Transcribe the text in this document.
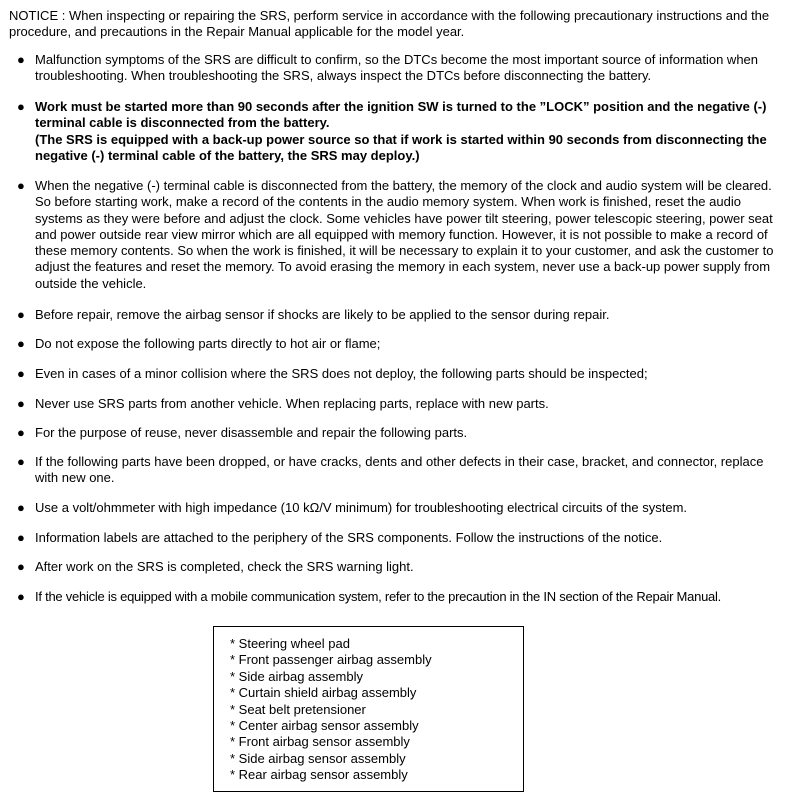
NOTICE : When inspecting or repairing the SRS, perform service in accordance with the following precautionary instructions and the procedure, and precautions in the Repair Manual applicable for the model year.

● Malfunction symptoms of the SRS are difficult to confirm, so the DTCs become the most important source of information when troubleshooting. When troubleshooting the SRS, always inspect the DTCs before disconnecting the battery.
● Work must be started more than 90 seconds after the ignition SW is turned to the ”LOCK” position and the negative (-) terminal cable is disconnected from the battery.
(The SRS is equipped with a back-up power source so that if work is started within 90 seconds from disconnecting the negative (-) terminal cable of the battery, the SRS may deploy.)
● When the negative (-) terminal cable is disconnected from the battery, the memory of the clock and audio system will be cleared. So before starting work, make a record of the contents in the audio memory system. When work is finished, reset the audio systems as they were before and adjust the clock. Some vehicles have power tilt steering, power telescopic steering, power seat and power outside rear view mirror which are all equipped with memory function. However, it is not possible to make a record of these memory contents. So when the work is finished, it will be necessary to explain it to your customer, and ask the customer to adjust the features and reset the memory. To avoid erasing the memory in each system, never use a back-up power supply from outside the vehicle.
● Before repair, remove the airbag sensor if shocks are likely to be applied to the sensor during repair.
● Do not expose the following parts directly to hot air or flame;
● Even in cases of a minor collision where the SRS does not deploy, the following parts should be inspected;
● Never use SRS parts from another vehicle. When replacing parts, replace with new parts.
● For the purpose of reuse, never disassemble and repair the following parts.
● If the following parts have been dropped, or have cracks, dents and other defects in their case, bracket, and connector, replace with new one.
● Use a volt/ohmmeter with high impedance (10 kΩ/V minimum) for troubleshooting electrical circuits of the system.
● Information labels are attached to the periphery of the SRS components. Follow the instructions of the notice.
● After work on the SRS is completed, check the SRS warning light.
● If the vehicle is equipped with a mobile communication system, refer to the precaution in the IN section of the Repair Manual.
* Steering wheel pad
* Front passenger airbag assembly
* Side airbag assembly
* Curtain shield airbag assembly
* Seat belt pretensioner
* Center airbag sensor assembly
* Front airbag sensor assembly
* Side airbag sensor assembly
* Rear airbag sensor assembly
